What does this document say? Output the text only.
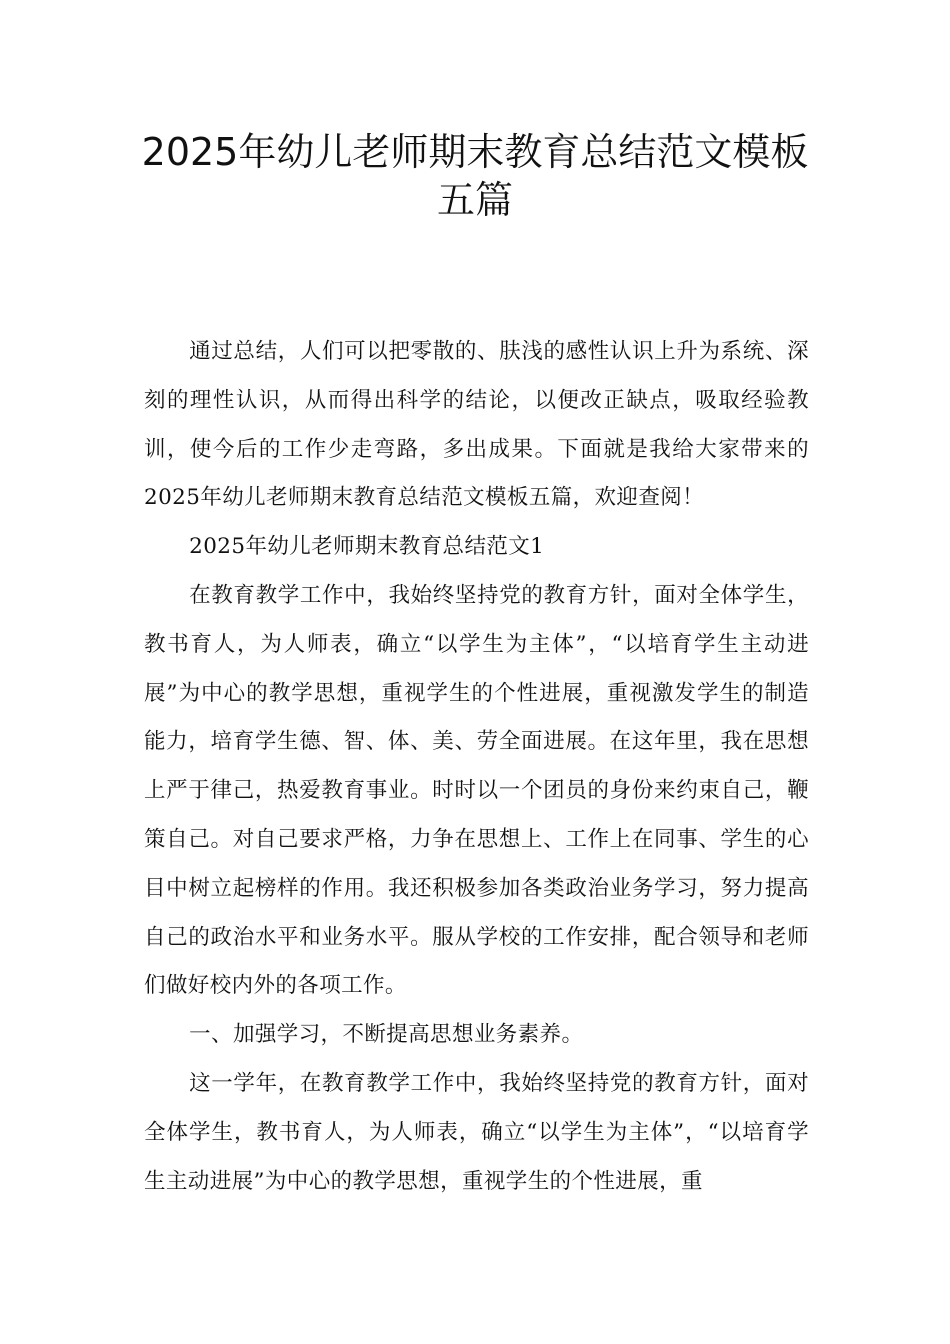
2025年幼儿老师期末教育总结范文模板
五篇

通过总结，人们可以把零散的、肤浅的感性认识上升为系统、深刻的理性认识，从而得出科学的结论，以便改正缺点，吸取经验教训，使今后的工作少走弯路，多出成果。下面就是我给大家带来的2025年幼儿老师期末教育总结范文模板五篇，欢迎查阅！

2025年幼儿老师期末教育总结范文1

在教育教学工作中，我始终坚持党的教育方针，面对全体学生，教书育人，为人师表，确立“以学生为主体”，“以培育学生主动进展”为中心的教学思想，重视学生的个性进展，重视激发学生的制造能力，培育学生德、智、体、美、劳全面进展。在这年里，我在思想上严于律己，热爱教育事业。时时以一个团员的身份来约束自己，鞭策自己。对自己要求严格，力争在思想上、工作上在同事、学生的心目中树立起榜样的作用。我还积极参加各类政治业务学习，努力提高自己的政治水平和业务水平。服从学校的工作安排，配合领导和老师们做好校内外的各项工作。

一、加强学习，不断提高思想业务素养。

这一学年，在教育教学工作中，我始终坚持党的教育方针，面对全体学生，教书育人，为人师表，确立“以学生为主体”，“以培育学生主动进展”为中心的教学思想，重视学生的个性进展，重
